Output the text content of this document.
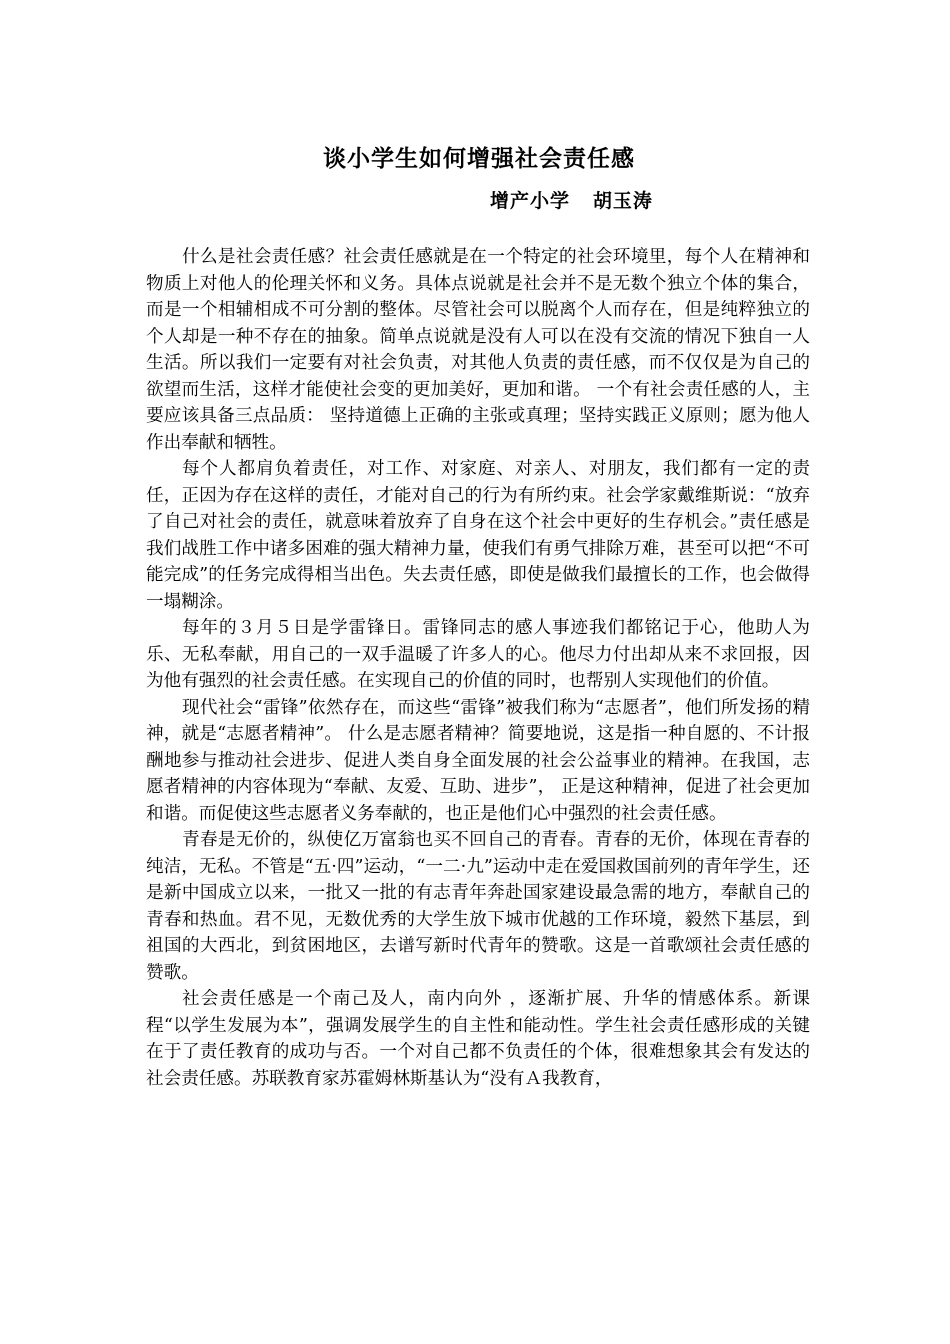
谈小学生如何增强社会责任感
增产小学   胡玉涛

什么是社会责任感？社会责任感就是在一个特定的社会环境里，每个人在精神和物质上对他人的伦理关怀和义务。具体点说就是社会并不是无数个独立个体的集合，而是一个相辅相成不可分割的整体。尽管社会可以脱离个人而存在，但是纯粹独立的个人却是一种不存在的抽象。简单点说就是没有人可以在没有交流的情况下独自一人生活。所以我们一定要有对社会负责，对其他人负责的责任感，而不仅仅是为自己的欲望而生活，这样才能使社会变的更加美好，更加和谐。 一个有社会责任感的人，主要应该具备三点品质： 坚持道德上正确的主张或真理；坚持实践正义原则；愿为他人作出奉献和牺牲。

每个人都肩负着责任，对工作、对家庭、对亲人、对朋友，我们都有一定的责任，正因为存在这样的责任，才能对自己的行为有所约束。社会学家戴维斯说：“放弃了自己对社会的责任，就意味着放弃了自身在这个社会中更好的生存机会。”责任感是我们战胜工作中诸多困难的强大精神力量，使我们有勇气排除万难，甚至可以把“不可能完成”的任务完成得相当出色。失去责任感，即使是做我们最擅长的工作，也会做得一塌糊涂。

每年的３月５日是学雷锋日。雷锋同志的感人事迹我们都铭记于心，他助人为乐、无私奉献，用自己的一双手温暖了许多人的心。他尽力付出却从来不求回报，因为他有强烈的社会责任感。在实现自己的价值的同时，也帮别人实现他们的价值。

现代社会“雷锋”依然存在，而这些“雷锋”被我们称为“志愿者”，他们所发扬的精神，就是“志愿者精神”。 什么是志愿者精神？简要地说，这是指一种自愿的、不计报酬地参与推动社会进步、促进人类自身全面发展的社会公益事业的精神。在我国，志愿者精神的内容体现为“奉献、友爱、互助、进步”， 正是这种精神，促进了社会更加和谐。而促使这些志愿者义务奉献的，也正是他们心中强烈的社会责任感。

青春是无价的，纵使亿万富翁也买不回自己的青春。青春的无价，体现在青春的纯洁，无私。不管是“五·四”运动，“一二·九”运动中走在爱国救国前列的青年学生，还是新中国成立以来，一批又一批的有志青年奔赴国家建设最急需的地方，奉献自己的青春和热血。君不见，无数优秀的大学生放下城市优越的工作环境，毅然下基层，到祖国的大西北，到贫困地区，去谱写新时代青年的赞歌。这是一首歌颂社会责任感的赞歌。

社会责任感是一个南己及人，南内向外 ，逐渐扩展、升华的情感体系。新课程“以学生发展为本”，强调发展学生的自主性和能动性。学生社会责任感形成的关键在于了责任教育的成功与否。一个对自己都不负责任的个体，很难想象其会有发达的社会责任感。苏联教育家苏霍姆林斯基认为“没有Ａ我教育，
